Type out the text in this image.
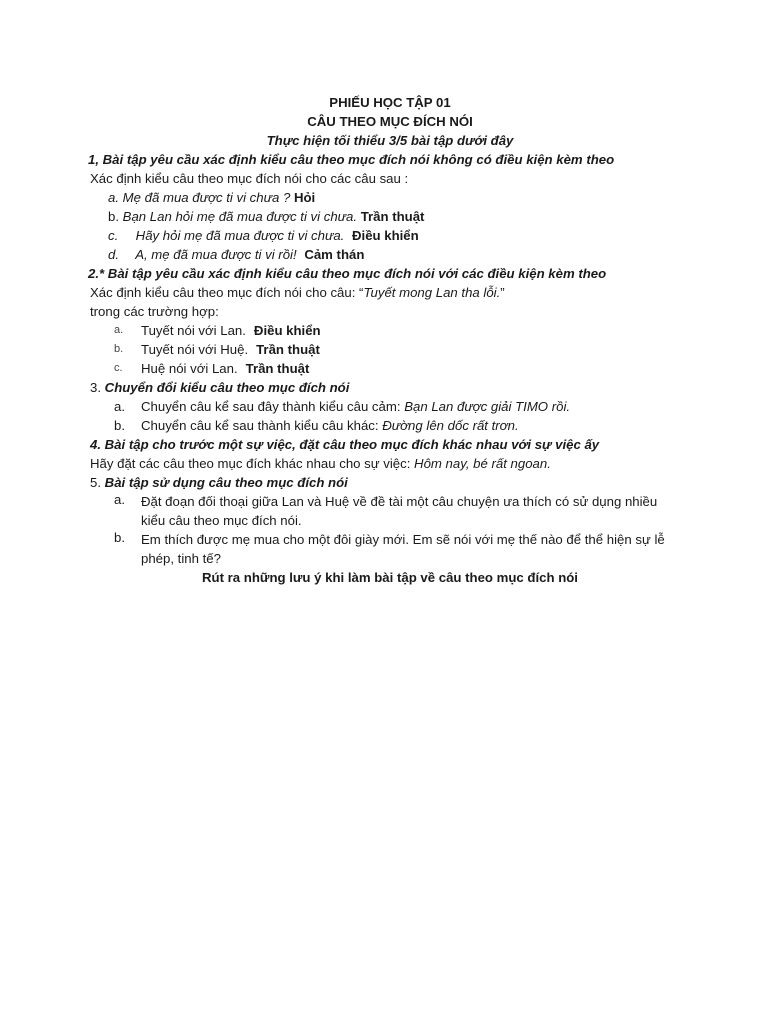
PHIẾU HỌC TẬP 01
CÂU THEO MỤC ĐÍCH NÓI
Thực hiện tối thiểu 3/5 bài tập dưới đây
1, Bài tập yêu cầu xác định kiểu câu theo mục đích nói không có điều kiện kèm theo
Xác định kiểu câu theo mục đích nói cho các câu sau :
a. Mẹ đã mua được ti vi chưa ? Hỏi
b. Bạn Lan hỏi mẹ đã mua được ti vi chưa. Trần thuật
c. Hãy hỏi mẹ đã mua được ti vi chưa. Điều khiển
d. A, mẹ đã mua được ti vi rồi! Cảm thán
2.* Bài tập yêu cầu xác định kiểu câu theo mục đích nói với các điều kiện kèm theo
Xác định kiểu câu theo mục đích nói cho câu: “Tuyết mong Lan tha lỗi.”
trong các trường hợp:
a.	Tuyết nói với Lan. Điều khiển
b.	Tuyết nói với Huệ. Trần thuật
c.	Huệ nói với Lan. Trần thuật
3. Chuyển đổi kiểu câu theo mục đích nói
a.	Chuyển câu kể sau đây thành kiểu câu cảm:
Bạn Lan được giải TIMO rồi.
b.	Chuyển câu kể sau thành kiểu câu khác:
Đường lên dốc rất trơn.
4. Bài tập cho trước một sự việc, đặt câu theo mục đích khác nhau với sự việc ấy
Hãy đặt các câu theo mục đích khác nhau cho sự việc: Hôm nay, bé rất ngoan.
5. Bài tập sử dụng câu theo mục đích nói
a.	Đặt đoạn đối thoại giữa Lan và Huệ về đề tài một câu chuyện ưa thích có sử dụng nhiều kiểu câu theo mục đích nói.
b.	Em thích được mẹ mua cho một đôi giày mới. Em sẽ nói với mẹ thế nào để thể hiện sự lễ phép, tinh tế?
Rút ra những lưu ý khi làm bài tập về câu theo mục đích nói
